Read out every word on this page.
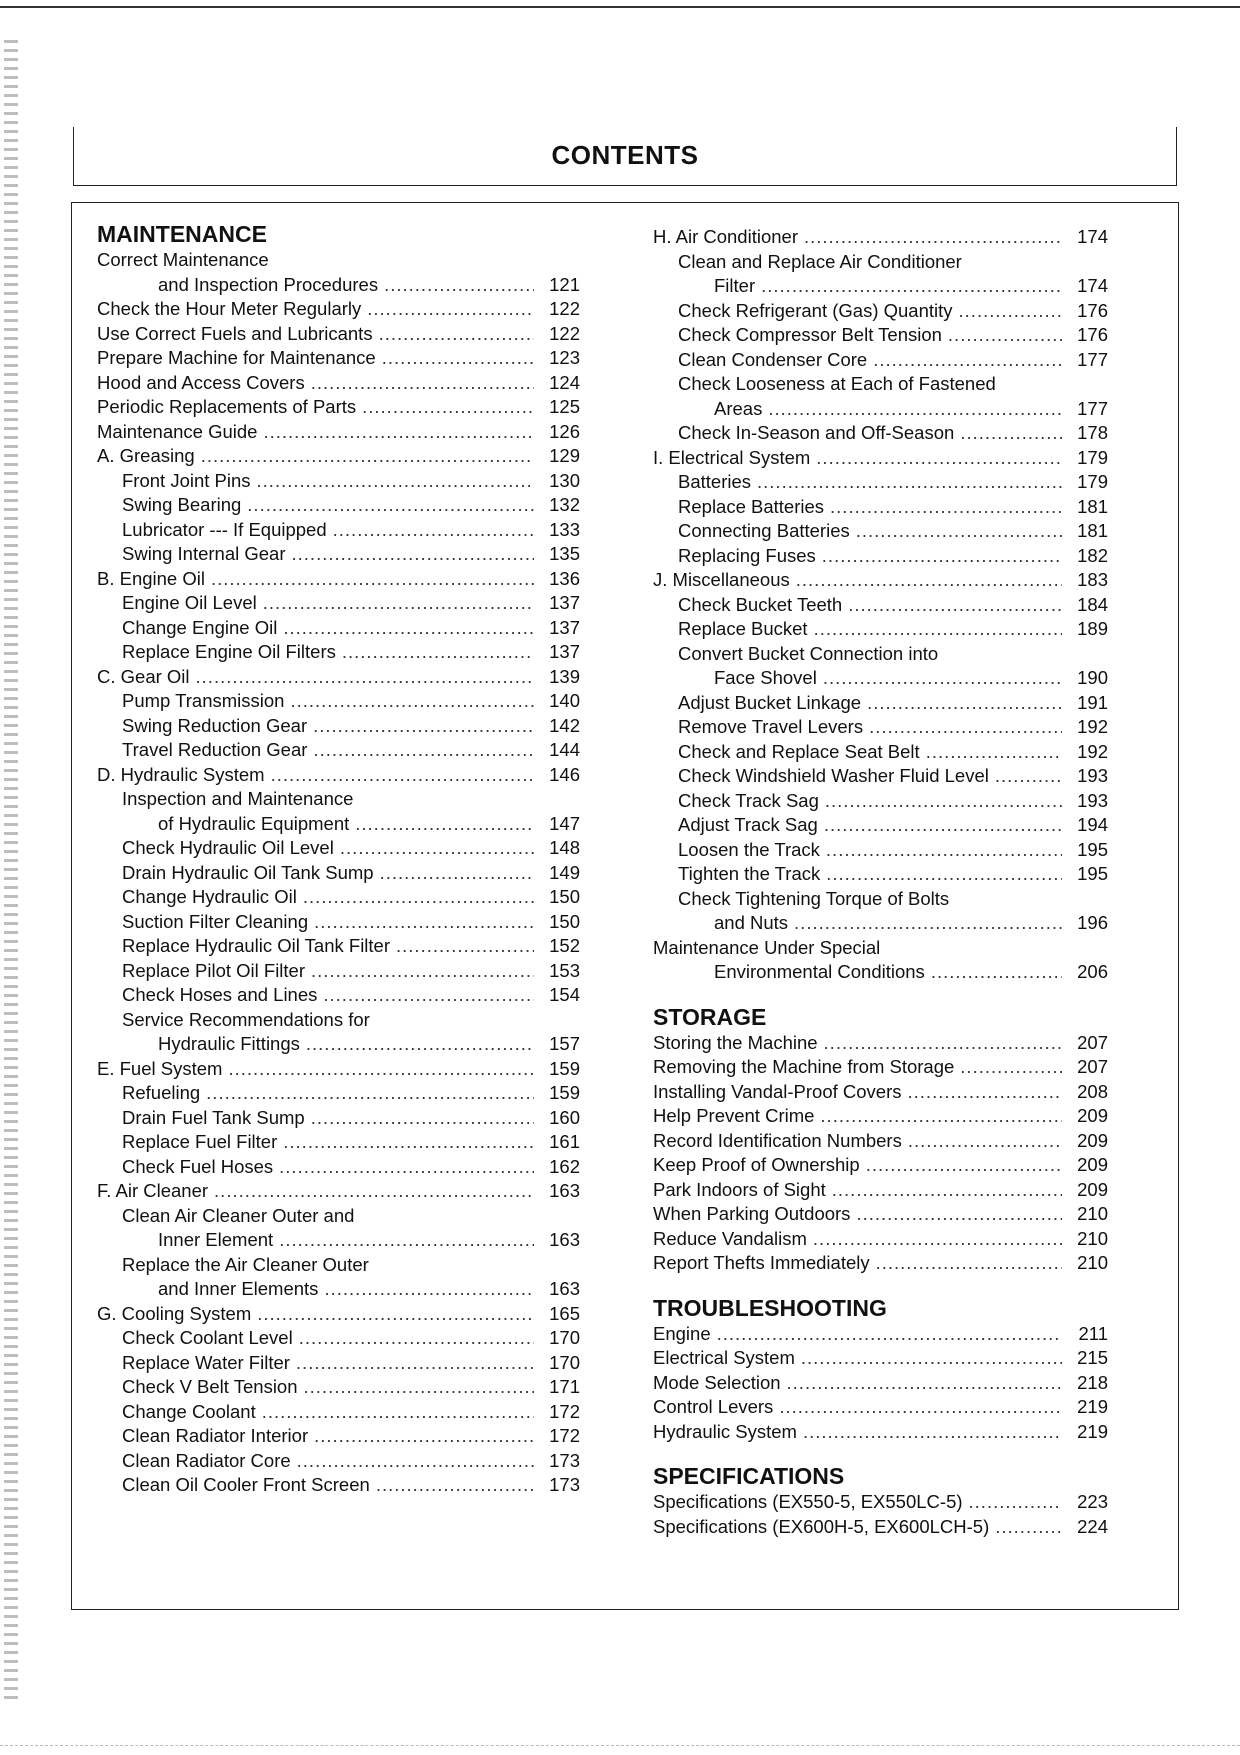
CONTENTS
MAINTENANCE
Correct Maintenance
and Inspection Procedures .....	121
Check the Hour Meter Regularly .....	122
Use Correct Fuels and Lubricants .....	122
Prepare Machine for Maintenance .....	123
Hood and Access Covers .....	124
Periodic Replacements of Parts .....	125
Maintenance Guide .....	126
A. Greasing .....	129
Front Joint Pins .....	130
Swing Bearing .....	132
Lubricator --- If Equipped .....	133
Swing Internal Gear .....	135
B. Engine Oil .....	136
Engine Oil Level .....	137
Change Engine Oil .....	137
Replace Engine Oil Filters .....	137
C. Gear Oil .....	139
Pump Transmission .....	140
Swing Reduction Gear .....	142
Travel Reduction Gear .....	144
D. Hydraulic System .....	146
Inspection and Maintenance
of Hydraulic Equipment .....	147
Check Hydraulic Oil Level .....	148
Drain Hydraulic Oil Tank Sump .....	149
Change Hydraulic Oil .....	150
Suction Filter Cleaning .....	150
Replace Hydraulic Oil Tank Filter .....	152
Replace Pilot Oil Filter .....	153
Check Hoses and Lines .....	154
Service Recommendations for
Hydraulic Fittings .....	157
E. Fuel System .....	159
Refueling .....	159
Drain Fuel Tank Sump .....	160
Replace Fuel Filter .....	161
Check Fuel Hoses .....	162
F. Air Cleaner .....	163
Clean Air Cleaner Outer and
Inner Element .....	163
Replace the Air Cleaner Outer
and Inner Elements .....	163
G. Cooling System .....	165
Check Coolant Level .....	170
Replace Water Filter .....	170
Check V Belt Tension .....	171
Change Coolant .....	172
Clean Radiator Interior .....	172
Clean Radiator Core .....	173
Clean Oil Cooler Front Screen .....	173
H. Air Conditioner .....	174
Clean and Replace Air Conditioner
Filter .....	174
Check Refrigerant (Gas) Quantity .....	176
Check Compressor Belt Tension .....	176
Clean Condenser Core .....	177
Check Looseness at Each of Fastened
Areas .....	177
Check In-Season and Off-Season .....	178
I. Electrical System .....	179
Batteries .....	179
Replace Batteries .....	181
Connecting Batteries .....	181
Replacing Fuses .....	182
J. Miscellaneous .....	183
Check Bucket Teeth .....	184
Replace Bucket .....	189
Convert Bucket Connection into
Face Shovel .....	190
Adjust Bucket Linkage .....	191
Remove Travel Levers .....	192
Check and Replace Seat Belt .....	192
Check Windshield Washer Fluid Level .....	193
Check Track Sag .....	193
Adjust Track Sag .....	194
Loosen the Track .....	195
Tighten the Track .....	195
Check Tightening Torque of Bolts
and Nuts .....	196
Maintenance Under Special
Environmental Conditions .....	206
STORAGE
Storing the Machine .....	207
Removing the Machine from Storage .....	207
Installing Vandal-Proof Covers .....	208
Help Prevent Crime .....	209
Record Identification Numbers .....	209
Keep Proof of Ownership .....	209
Park Indoors of Sight .....	209
When Parking Outdoors .....	210
Reduce Vandalism .....	210
Report Thefts Immediately .....	210
TROUBLESHOOTING
Engine .....	211
Electrical System .....	215
Mode Selection .....	218
Control Levers .....	219
Hydraulic System .....	219
SPECIFICATIONS
Specifications (EX550-5, EX550LC-5) .....	223
Specifications (EX600H-5, EX600LCH-5) .....	224
